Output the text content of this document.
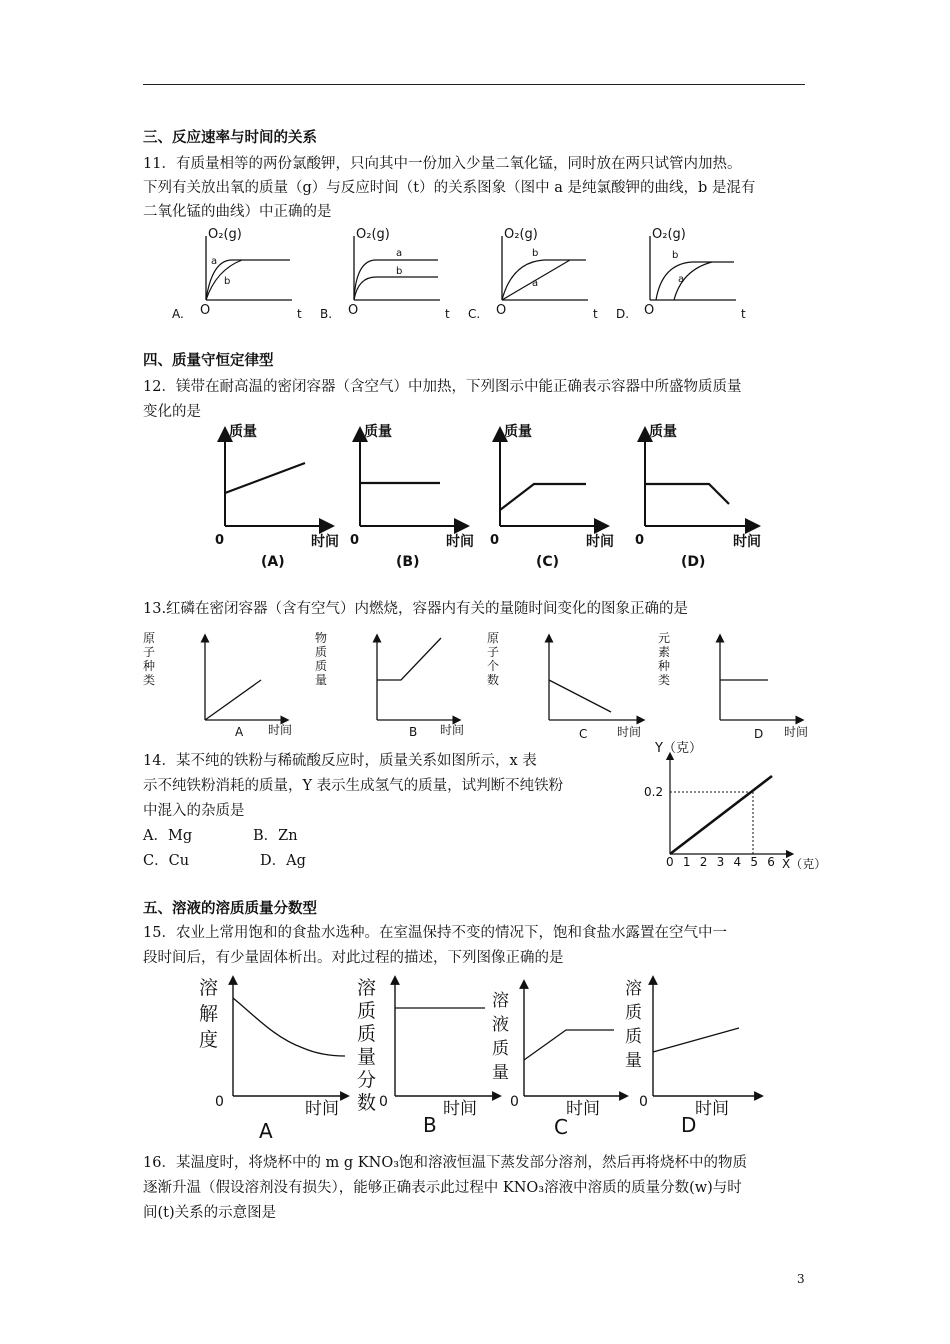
三、反应速率与时间的关系
11．有质量相等的两份氯酸钾，只向其中一份加入少量二氧化锰，同时放在两只试管内加热。
下列有关放出氧的质量（g）与反应时间（t）的关系图象（图中 a 是纯氯酸钾的曲线，b 是混有
二氧化锰的曲线）中正确的是
O₂(g)
a
b
O	t
A.
O₂(g)
a
b
O	t
B.
O₂(g)
b
a
O	t
C.
O₂(g)
b
a
O	t
D.
四、质量守恒定律型
12．镁带在耐高温的密闭容器（含空气）中加热，下列图示中能正确表示容器中所盛物质质量
变化的是
质量
0	时间
(A)
质量
0	时间
(B)
质量
0	时间
(C)
质量
0	时间
(D)
13.红磷在密闭容器（含有空气）内燃烧，容器内有关的量随时间变化的图象正确的是
原
子
种
类
A 时间
物
质
质
量
B 时间
原
子
个
数
C 时间
元
素
种
类
D 时间
14．某不纯的铁粉与稀硫酸反应时，质量关系如图所示，x 表
示不纯铁粉消耗的质量，Y 表示生成氢气的质量，试判断不纯铁粉
中混入的杂质是
A．Mg	B．Zn
C．Cu	D．Ag
Y（克）
0.2
0 1 2 3 4 5 6 X（克）
五、溶液的溶质质量分数型
15．农业上常用饱和的食盐水选种。在室温保持不变的情况下，饱和食盐水露置在空气中一
段时间后，有少量固体析出。对此过程的描述，下列图像正确的是
溶
解
度
0	时间
A
溶
质
质
量
分
数 0	时间
B
溶
液
质
量
0	时间
C
溶
质
质
量
0	时间
D
16．某温度时，将烧杯中的 m g KNO₃饱和溶液恒温下蒸发部分溶剂，然后再将烧杯中的物质
逐渐升温（假设溶剂没有损失），能够正确表示此过程中 KNO₃溶液中溶质的质量分数(w)与时
间(t)关系的示意图是
3
